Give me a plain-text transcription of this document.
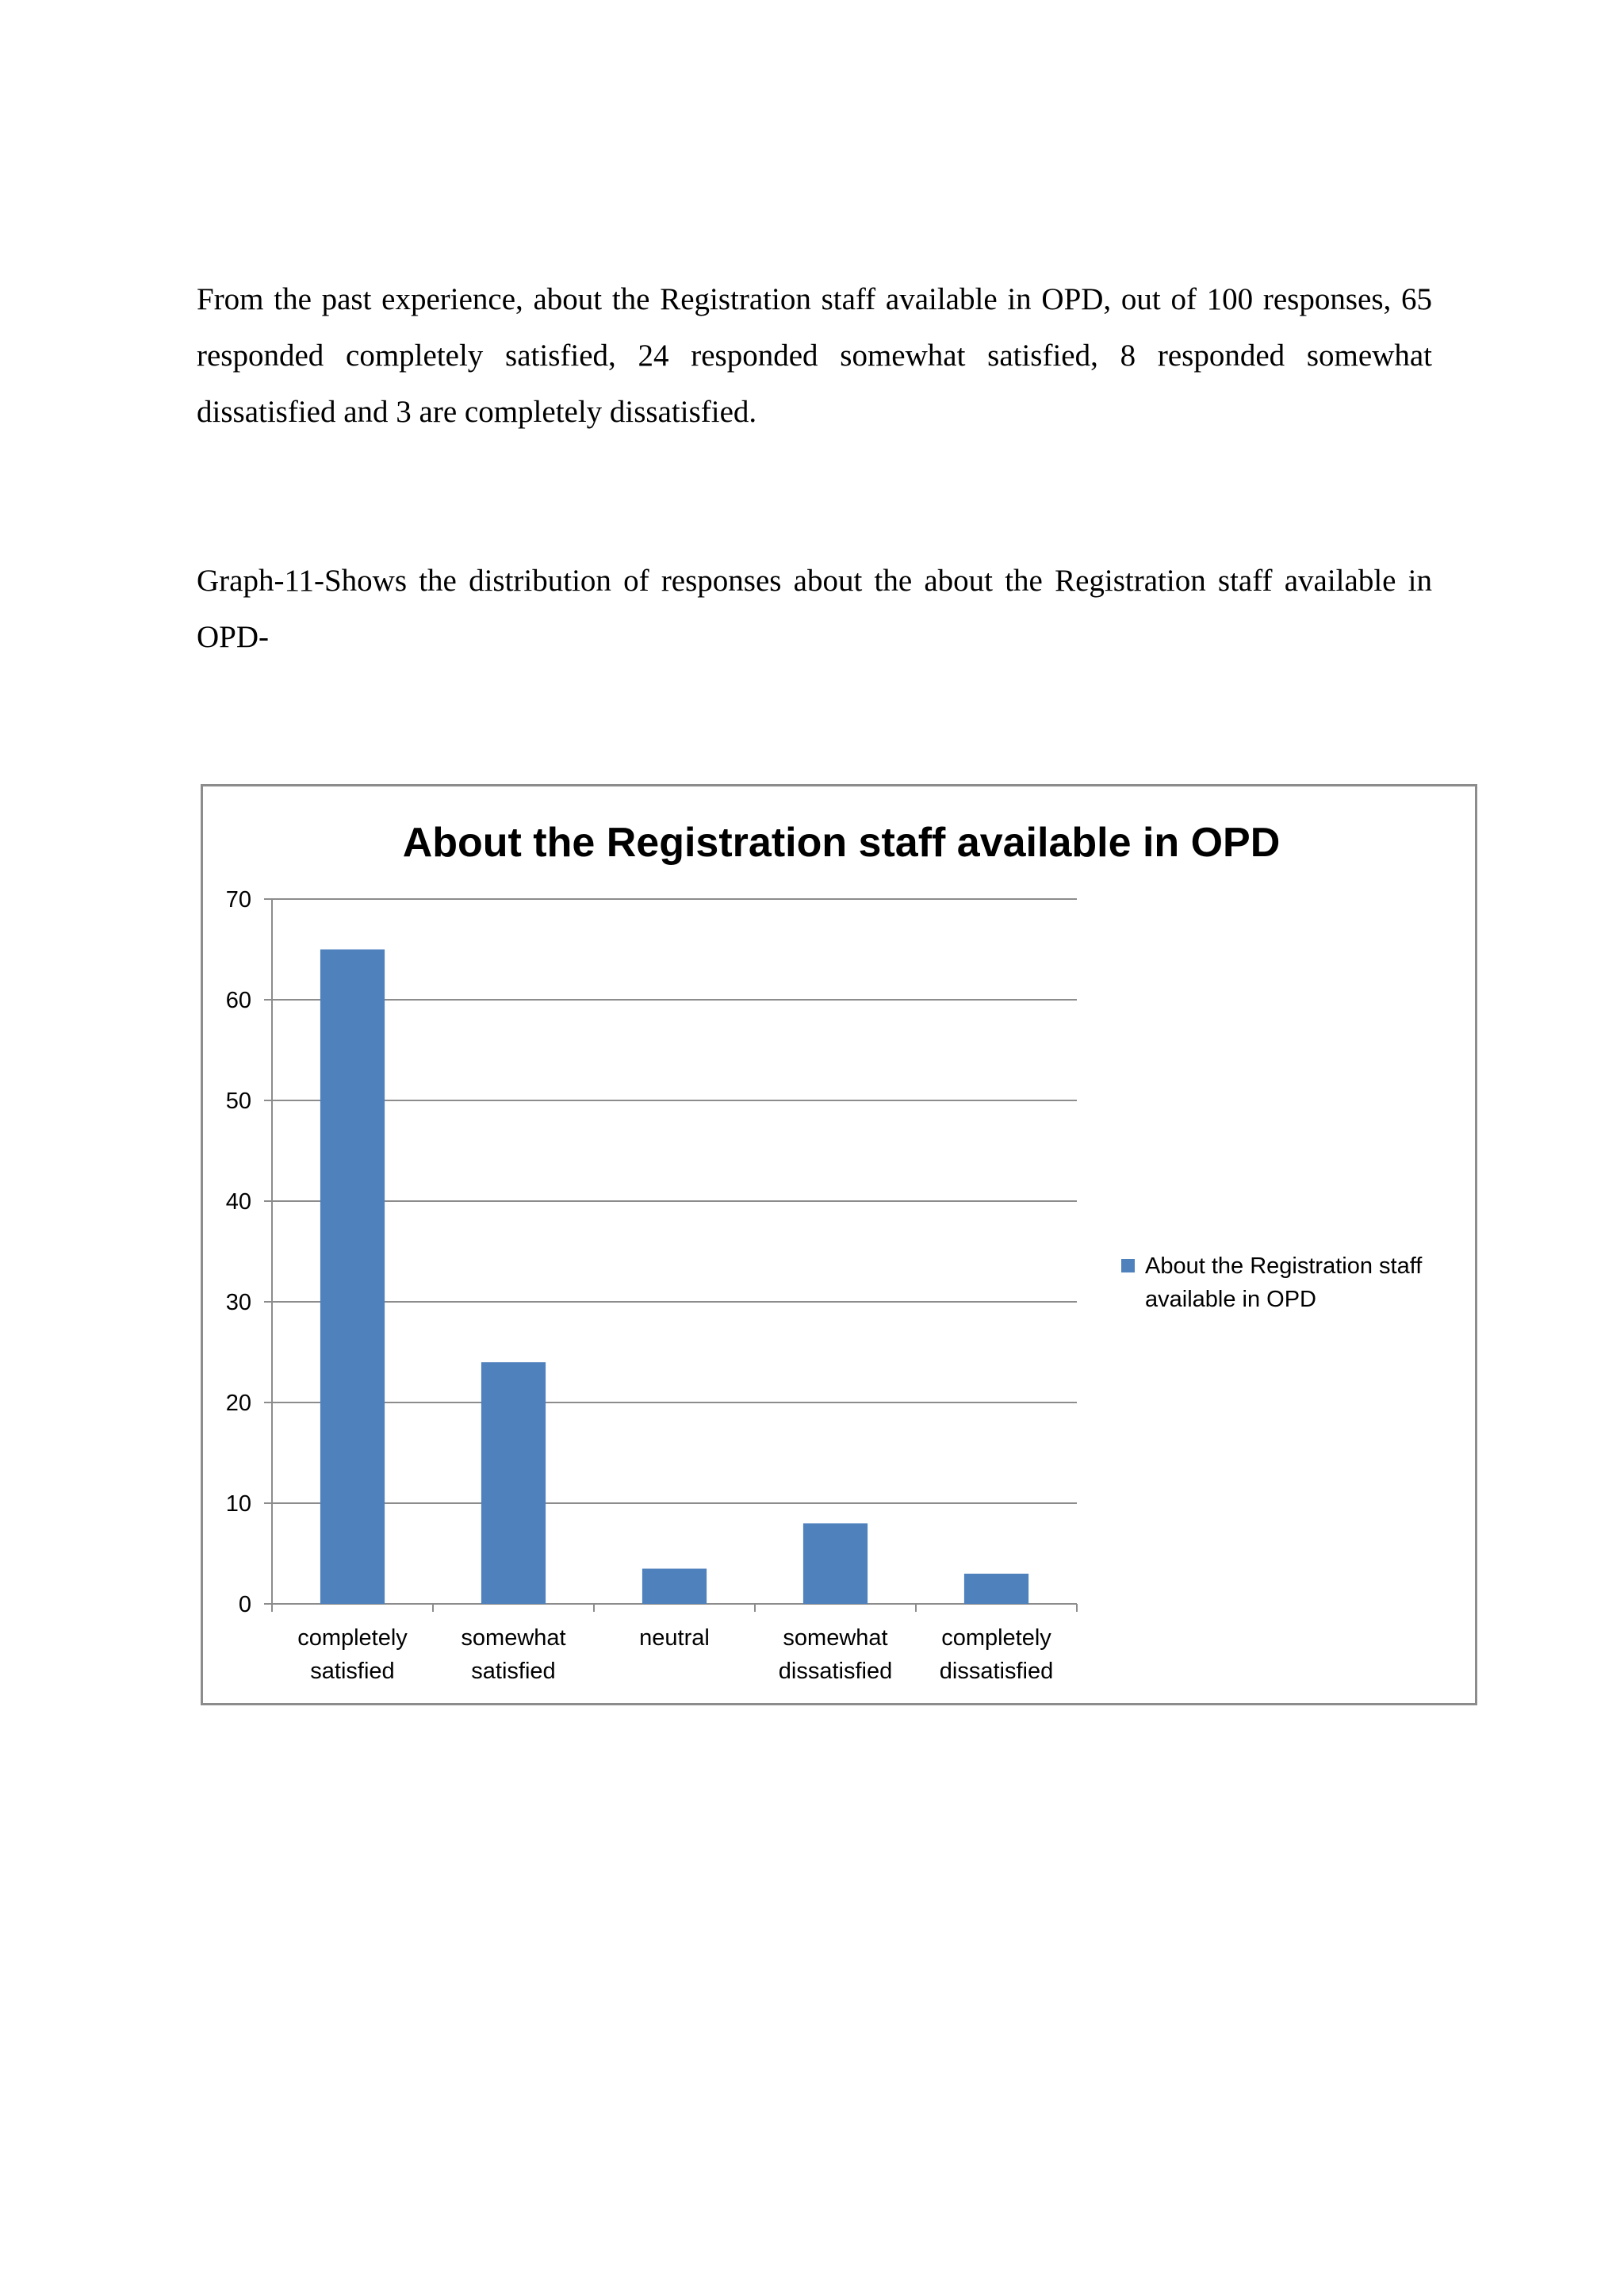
From the past experience, about the Registration staff available in OPD, out of 100 responses, 65 responded completely satisfied, 24 responded somewhat satisfied, 8 responded somewhat dissatisfied and 3 are completely dissatisfied.

Graph-11-Shows the distribution of responses about the about the Registration staff available in OPD-

About the Registration staff available in OPD
0
10
20
30
40
50
60
70
completely
satisfied
somewhat
satisfied
neutral	somewhat
dissatisfied
completely
dissatisfied
About the Registration staff
available in OPD
